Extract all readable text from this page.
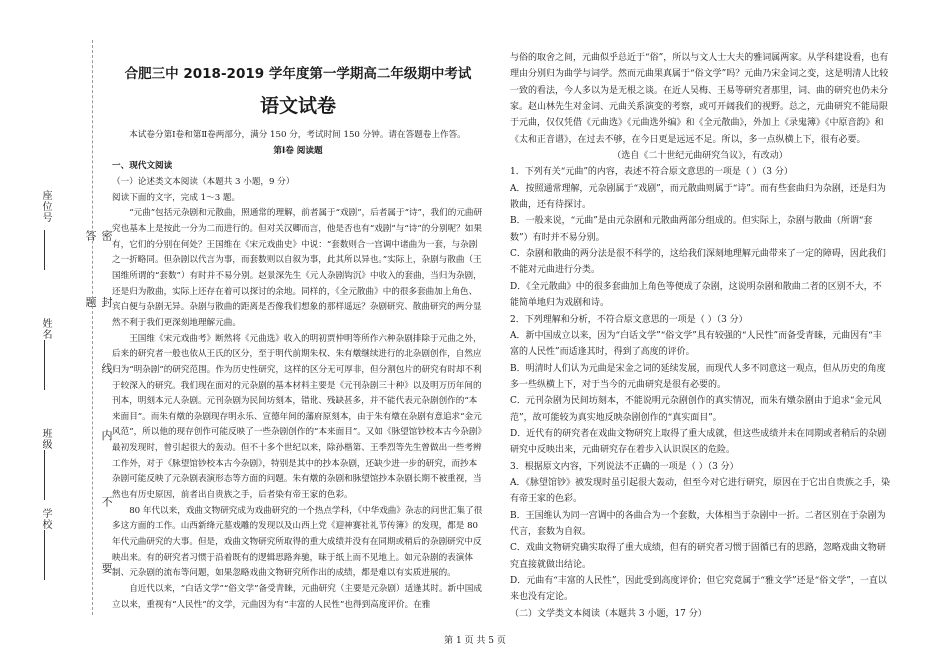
座位号
姓名
班级
学校	密 封 线 内 不 要 答 题
合肥三中 2018-2019 学年度第一学期高二年级期中考试
语文试卷

本试卷分第Ⅰ卷和第Ⅱ卷两部分，满分 150 分，考试时间 150 分钟。请在答题卷上作答。

第Ⅰ卷 阅读题

一、现代文阅读

（一）论述类文本阅读（本题共 3 小题，9 分）

阅读下面的文字，完成 1～3 题。

“元曲”包括元杂剧和元散曲，照通常的理解，前者属于“戏剧”，后者属于“诗”，我们的元曲研究也基本上是按此一分为二而进行的。但对关汉卿而言，他是否也有“戏剧”与“诗”的分别呢？如果有，它们的分别在何处？王国维在《宋元戏曲史》中说：“套数则合一宫调中诸曲为一套，与杂剧之一折略同。但杂剧以代言为事，而套数则以自叙为事，此其所以异也。”实际上，杂剧与散曲（王国维所谓的“套数”）有时并不易分别。赵景深先生《元人杂剧钩沉》中收入的套曲，当归为杂剧，还是归为散曲，实际上还存在着可以探讨的余地。同样的，《全元散曲》中的很多套曲加上角色、宾白便与杂剧无异。杂剧与散曲的距离是否像我们想象的那样遥远？杂剧研究、散曲研究的两分显然不利于我们更深刻地理解元曲。

王国维《宋元戏曲考》断然将《元曲选》收入的明初贾仲明等所作六种杂剧排除于元曲之外，后来的研究者一般也依从王氏的区分，至于明代前期朱权、朱有燉继续进行的北杂剧创作，自然应归为“明杂剧”的研究范围。作为历史性研究，这样的区分无可厚非，但分割包片的研究有时却不利于较深入的研究。我们现在面对的元杂剧的基本材料主要是《元刊杂剧三十种》以及明万历年间的刊本，明刻本元人杂剧。元刊杂剧为民间坊刻本，错讹、残缺甚多，并不能代表元杂剧创作的“本来面目”。而朱有燉的杂剧现存明永乐、宣德年间的藩府原刻本，由于朱有燉在杂剧有意追求“金元风范”，所以他的现存创作可能反映了一些杂剧创作的“本来面目”。又如《脉望馆钞校本古今杂剧》最初发现时，曾引起很大的轰动。但不十多个世纪以来，除孙楷第、王季烈等先生曾做出一些考辨工作外，对于《脉望馆钞校本古今杂剧》，特别是其中的抄本杂剧，还缺少进一步的研究，而抄本杂剧可能反映了元杂剧表演形态等方面的问题。朱有燉的杂剧和脉望馆抄本杂剧长期不被重视，当然也有历史原因，前者出自贵族之手，后者染有帝王家的色彩。

80 年代以来，戏曲文物研究成为戏曲研究的一个热点学科，《中华戏曲》杂志的问世汇集了很多这方面的工作。山西新绛元墓戏雕的发现以及山西上党《迎神赛社礼节传簿》的发现，都是 80 年代元曲研究的大事。但是，戏曲文物研究所取得的重大成绩并没有在同期或稍后的杂剧研究中反映出来。有的研究者习惯于沿着既有的逻辑思路奔驰，昧于纸上而不见地上。如元杂剧的表演体制、元杂剧的流布等问题，如果忽略戏曲文物研究所作出的成绩，都是难以有实质进展的。

自近代以来，“白话文学”“俗文学”备受青睐，元曲研究（主要是元杂剧）适逢其时。新中国成立以来，重视有“人民性”的文学，元曲因为有“丰富的人民性”也得到高度评价。在雅

与俗的取舍之间，元曲似乎总近于“俗”，所以与文人士大夫的雅词属两家。从学科建设看，也有理由分别归为曲学与词学。然而元曲果真属于“俗文学”吗？元曲乃宋金词之变，这是明清人比较一致的看法，今人多以为是无根之谈。在近人吴梅、王易等研究者那里，词、曲的研究也仍未分家。赵山林先生对金词、元曲关系演变的考察，或可开阔我们的视野。总之，元曲研究不能局限于元曲，仅仅凭借《元曲选》《元曲选外编》和《全元散曲》，外加上《录鬼簿》《中原音韵》和《太和正音谱》，在过去不够，在今日更是远远不足。所以，多一点纵横上下，很有必要。

（选自《二十世纪元曲研究刍议》，有改动）

1．下列有关“元曲”的内容，表述不符合原文意思的一项是（ ）（3 分）

A．按照通常理解，元杂剧属于“戏剧”，而元散曲则属于“诗”。而有些套曲归为杂剧，还是归为散曲，还有待探讨。

B．一般来说，“元曲”是由元杂剧和元散曲两部分组成的。但实际上，杂剧与散曲（所谓“套数”）有时并不易分别。

C．杂剧和散曲的两分法是很不科学的，这给我们深刻地理解元曲带来了一定的障碍，因此我们不能对元曲进行分类。

D．《全元散曲》中的很多套曲加上角色等便成了杂剧，这说明杂剧和散曲二者的区别不大，不能简单地归为戏剧和诗。

2．下列理解和分析，不符合原文意思的一项是（ ）（3 分）

A．新中国成立以来，因为“白话文学”“俗文学”具有较强的“人民性”而备受青睐，元曲因有“丰富的人民性”而适逢其时，得到了高度的评价。

B．明清时人们认为元曲是宋金之词的延续发展，而现代人多不同意这一观点，但从历史的角度多一些纵横上下，对于当今的元曲研究是很有必要的。

C．元刊杂剧为民间坊刻本，不能说明元杂剧创作的真实情况，而朱有燉杂剧由于追求“金元风范”，故可能较为真实地反映杂剧创作的“真实面目”。

D．近代有的研究者在戏曲文物研究上取得了重大成就，但这些成绩并未在同期或者稍后的杂剧研究中反映出来，元曲研究存在着步入认识误区的危险。

3．根据原文内容，下列说法不正确的一项是（ ）（3 分）

A．《脉望馆钞》被发现时虽引起很大轰动，但至今对它进行研究，原因在于它出自贵族之手，染有帝王家的色彩。

B．王国维认为同一宫调中的各曲合为一个套数，大体相当于杂剧中一折。二者区别在于杂剧为代言，套数为自叙。

C．戏曲文物研究确实取得了重大成绩，但有的研究者习惯于固循已有的思路，忽略戏曲文物研究直接就做出结论。

D．元曲有“丰富的人民性”，因此受到高度评价；但它究竟属于“雅文学”还是“俗文学”，一直以来也没有定论。

（二）文学类文本阅读（本题共 3 小题，17 分）

第 1 页 共 5 页
